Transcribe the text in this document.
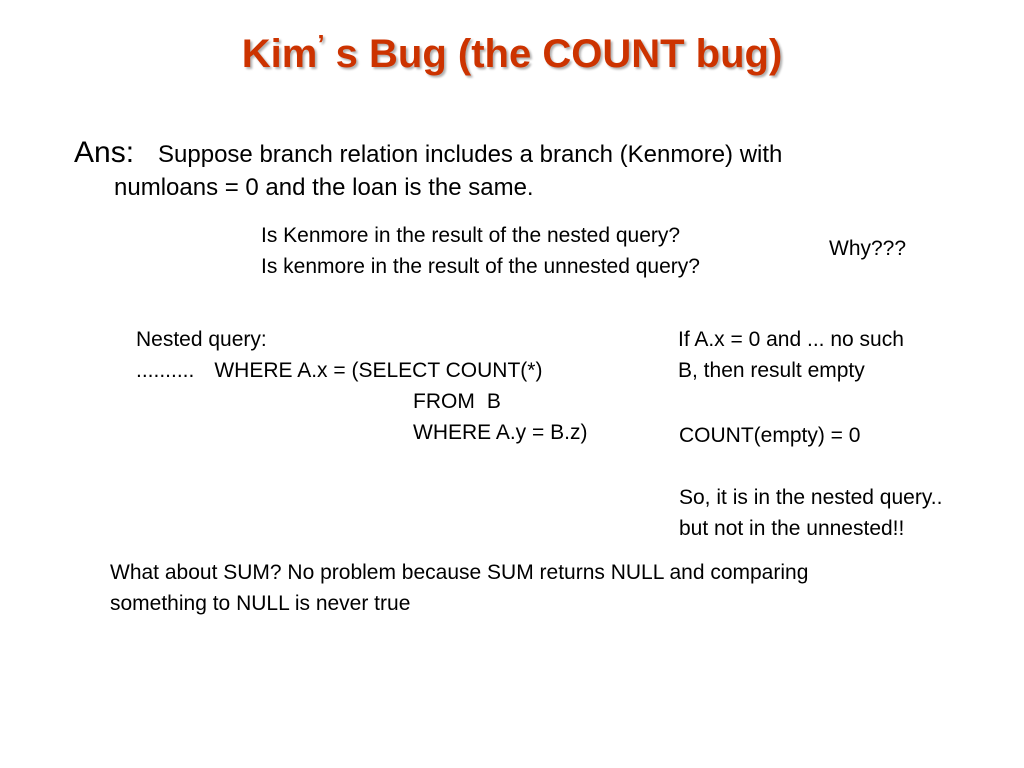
Kim’ s Bug (the COUNT bug)
Ans: Suppose branch relation includes a branch (Kenmore) with
numloans = 0 and the loan is the same.
Is Kenmore in the result of the nested query?
Is kenmore in the result of the unnested query?
Why???
Nested query:
.......... WHERE A.x = (SELECT COUNT(*)
FROM B
WHERE A.y = B.z)
If A.x = 0 and ... no such
B, then result empty
COUNT(empty) = 0
So, it is in the nested query..
but not in the unnested!!
What about SUM? No problem because SUM returns NULL and comparing
something to NULL is never true
